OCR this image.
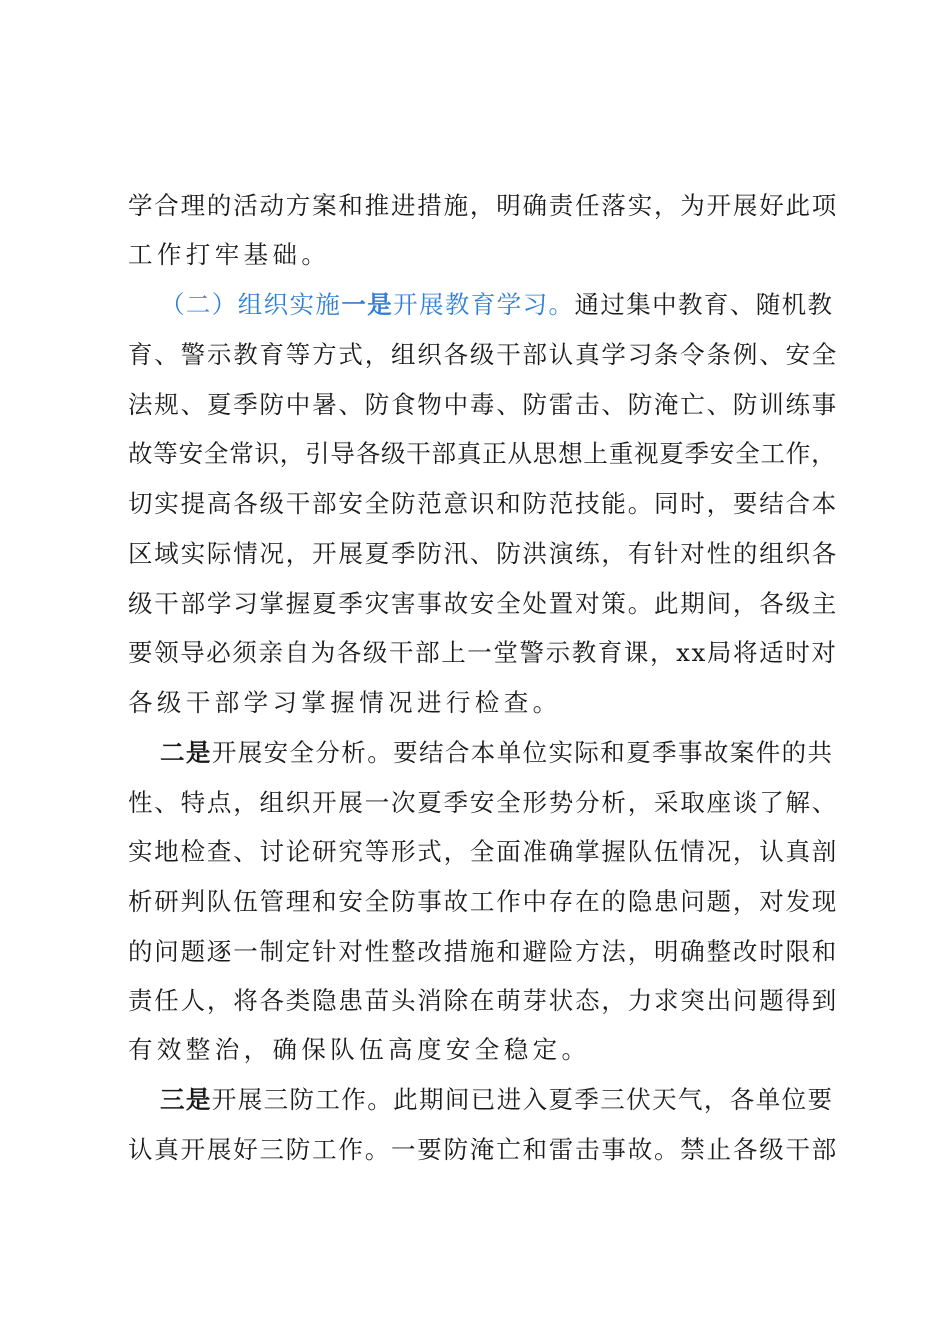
学合理的活动方案和推进措施，明确责任落实，为开展好此项
工作打牢基础。
（二）组织实施一是开展教育学习。通过集中教育、随机教
育、警示教育等方式，组织各级干部认真学习条令条例、安全
法规、夏季防中暑、防食物中毒、防雷击、防淹亡、防训练事
故等安全常识，引导各级干部真正从思想上重视夏季安全工作，
切实提高各级干部安全防范意识和防范技能。同时，要结合本
区域实际情况，开展夏季防汛、防洪演练，有针对性的组织各
级干部学习掌握夏季灾害事故安全处置对策。此期间，各级主
要领导必须亲自为各级干部上一堂警示教育课，xx局将适时对
各级干部学习掌握情况进行检查。
二是开展安全分析。要结合本单位实际和夏季事故案件的共
性、特点，组织开展一次夏季安全形势分析，采取座谈了解、
实地检查、讨论研究等形式，全面准确掌握队伍情况，认真剖
析研判队伍管理和安全防事故工作中存在的隐患问题，对发现
的问题逐一制定针对性整改措施和避险方法，明确整改时限和
责任人，将各类隐患苗头消除在萌芽状态，力求突出问题得到
有效整治，确保队伍高度安全稳定。
三是开展三防工作。此期间已进入夏季三伏天气，各单位要
认真开展好三防工作。一要防淹亡和雷击事故。禁止各级干部
